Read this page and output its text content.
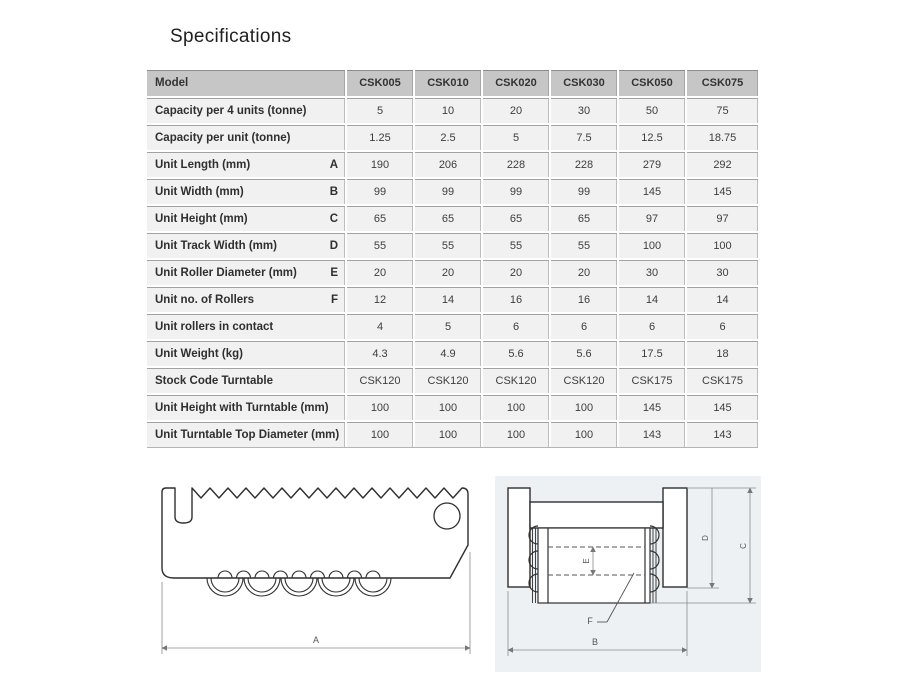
Specifications
Model	CSK005	CSK010	CSK020	CSK030	CSK050	CSK075

Capacity per 4 units (tonne)	5	10	20	30	50	75

Capacity per unit (tonne)	1.25	2.5	5	7.5	12.5	18.75

Unit Length (mm) A	190	206	228	228	279	292

Unit Width (mm) B	99	99	99	99	145	145

Unit Height (mm) C	65	65	65	65	97	97

Unit Track Width (mm) D	55	55	55	55	100	100

Unit Roller Diameter (mm) E	20	20	20	20	30	30

Unit no. of Rollers F	12	14	16	16	14	14

Unit rollers in contact	4	5	6	6	6	6

Unit Weight (kg)	4.3	4.9	5.6	5.6	17.5	18

Stock Code Turntable	CSK120	CSK120	CSK120	CSK120	CSK175	CSK175

Unit Height with Turntable (mm)	100	100	100	100	145	145

Unit Turntable Top Diameter (mm)	100	100	100	100	143	143
A
E
F
B
D
C
